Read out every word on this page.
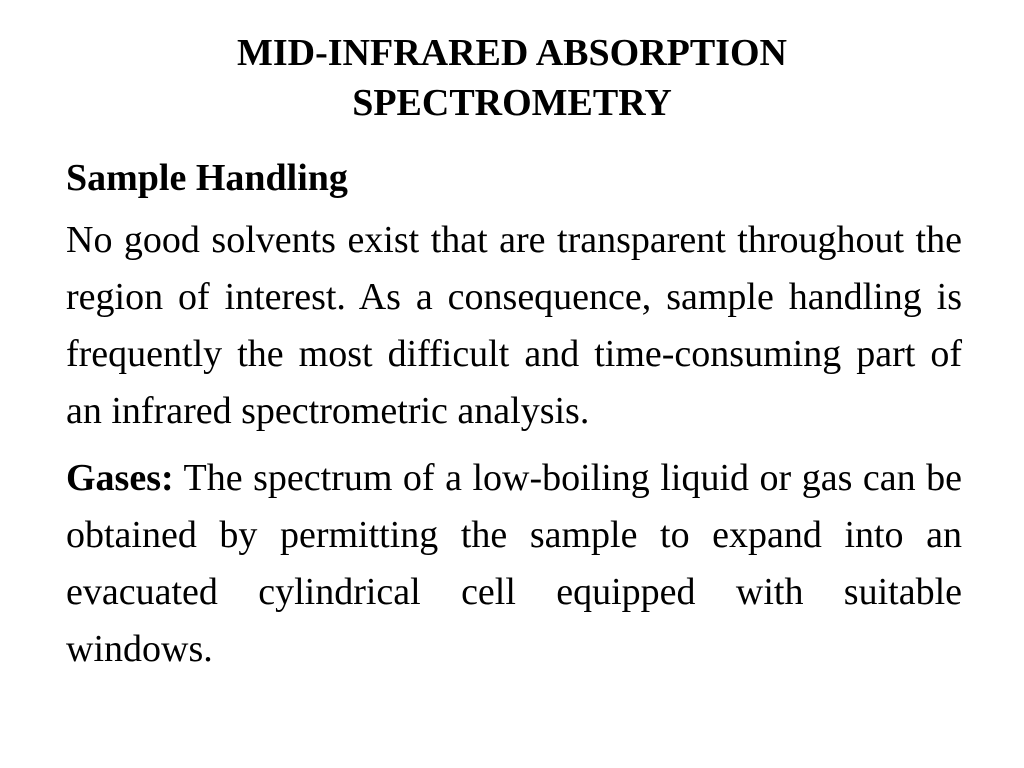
MID-INFRARED ABSORPTION
SPECTROMETRY
Sample Handling

No good solvents exist that are transparent throughout the region of interest. As a consequence, sample handling is frequently the most difficult and time-consuming part of an infrared spectrometric analysis.

Gases: The spectrum of a low-boiling liquid or gas can be obtained by permitting the sample to expand into an evacuated cylindrical cell equipped with suitable windows.
